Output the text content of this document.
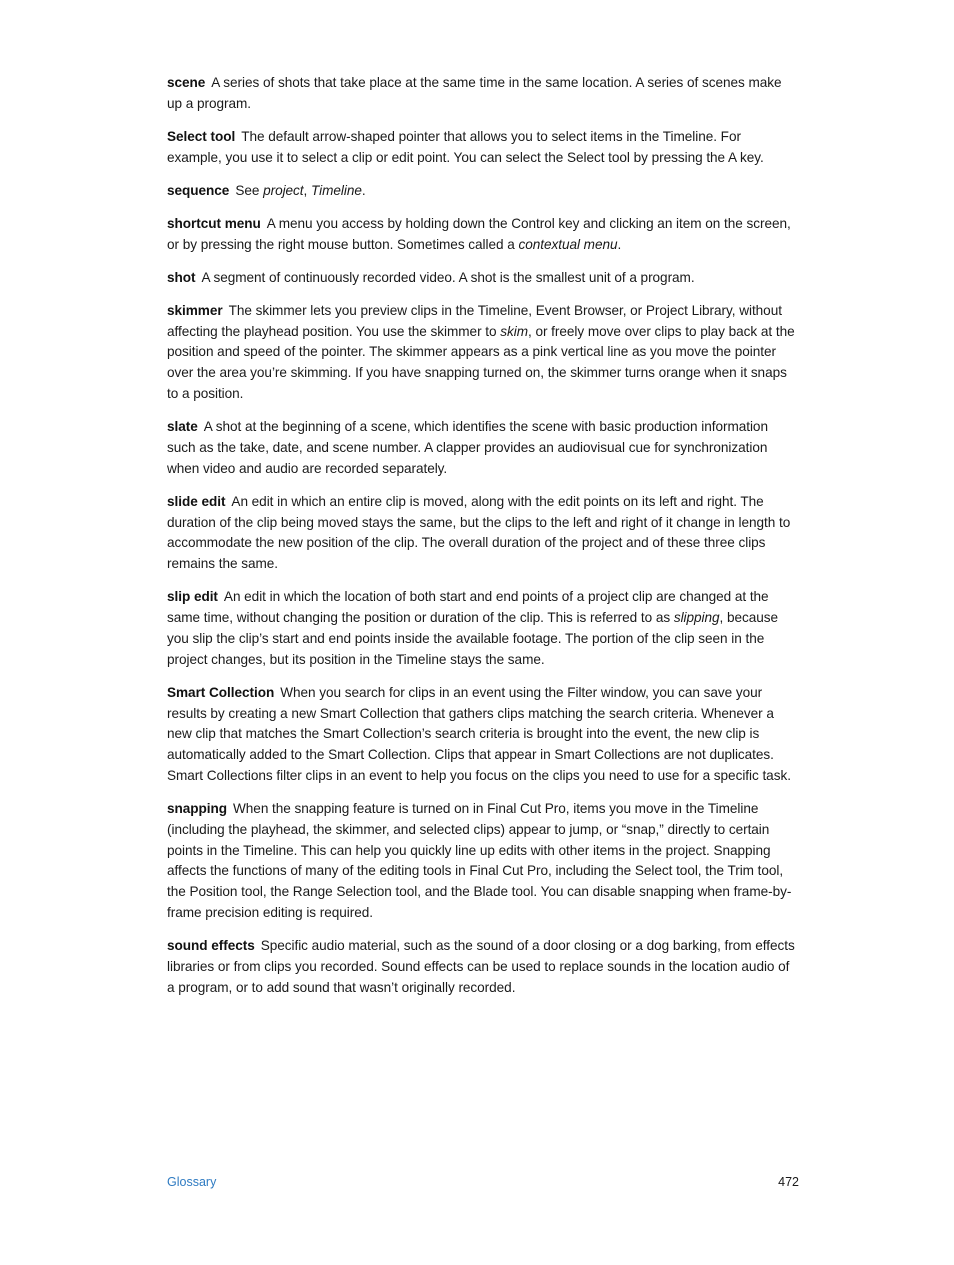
scene A series of shots that take place at the same time in the same location. A series of scenes make up a program.

Select tool The default arrow-shaped pointer that allows you to select items in the Timeline. For example, you use it to select a clip or edit point. You can select the Select tool by pressing the A key.

sequence See project, Timeline.

shortcut menu A menu you access by holding down the Control key and clicking an item on the screen, or by pressing the right mouse button. Sometimes called a contextual menu.

shot A segment of continuously recorded video. A shot is the smallest unit of a program.

skimmer The skimmer lets you preview clips in the Timeline, Event Browser, or Project Library, without affecting the playhead position. You use the skimmer to skim, or freely move over clips to play back at the position and speed of the pointer. The skimmer appears as a pink vertical line as you move the pointer over the area you’re skimming. If you have snapping turned on, the skimmer turns orange when it snaps to a position.

slate A shot at the beginning of a scene, which identifies the scene with basic production information such as the take, date, and scene number. A clapper provides an audiovisual cue for synchronization when video and audio are recorded separately.

slide edit An edit in which an entire clip is moved, along with the edit points on its left and right. The duration of the clip being moved stays the same, but the clips to the left and right of it change in length to accommodate the new position of the clip. The overall duration of the project and of these three clips remains the same.

slip edit An edit in which the location of both start and end points of a project clip are changed at the same time, without changing the position or duration of the clip. This is referred to as slipping, because you slip the clip’s start and end points inside the available footage. The portion of the clip seen in the project changes, but its position in the Timeline stays the same.

Smart Collection When you search for clips in an event using the Filter window, you can save your results by creating a new Smart Collection that gathers clips matching the search criteria. Whenever a new clip that matches the Smart Collection’s search criteria is brought into the event, the new clip is automatically added to the Smart Collection. Clips that appear in Smart Collections are not duplicates. Smart Collections filter clips in an event to help you focus on the clips you need to use for a specific task.

snapping When the snapping feature is turned on in Final Cut Pro, items you move in the Timeline (including the playhead, the skimmer, and selected clips) appear to jump, or “snap,” directly to certain points in the Timeline. This can help you quickly line up edits with other items in the project. Snapping affects the functions of many of the editing tools in Final Cut Pro, including the Select tool, the Trim tool, the Position tool, the Range Selection tool, and the Blade tool. You can disable snapping when frame-by-frame precision editing is required.

sound effects Specific audio material, such as the sound of a door closing or a dog barking, from effects libraries or from clips you recorded. Sound effects can be used to replace sounds in the location audio of a program, or to add sound that wasn’t originally recorded.

Glossary	472
